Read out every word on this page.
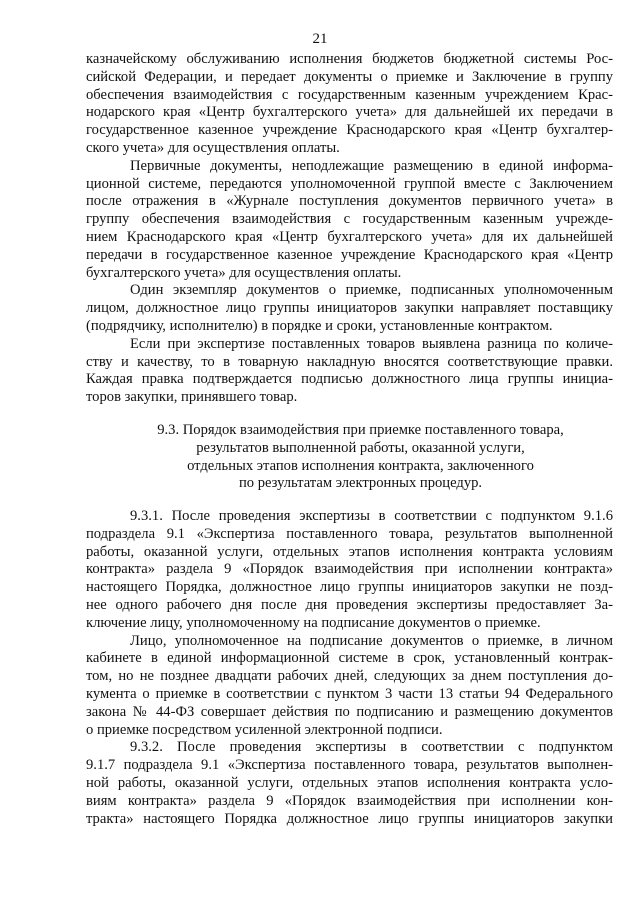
21
казначейскому обслуживанию исполнения бюджетов бюджетной системы Рос-
сийской Федерации, и передает документы о приемке и Заключение в группу
обеспечения взаимодействия с государственным казенным учреждением Крас-
нодарского края «Центр бухгалтерского учета» для дальнейшей их передачи в
государственное казенное учреждение Краснодарского края «Центр бухгалтер-
ского учета» для осуществления оплаты.
Первичные документы, неподлежащие размещению в единой информа-
ционной системе, передаются уполномоченной группой вместе с Заключением
после отражения в «Журнале поступления документов первичного учета» в
группу обеспечения взаимодействия с государственным казенным учрежде-
нием Краснодарского края «Центр бухгалтерского учета» для их дальнейшей
передачи в государственное казенное учреждение Краснодарского края «Центр
бухгалтерского учета» для осуществления оплаты.
Один экземпляр документов о приемке, подписанных уполномоченным
лицом, должностное лицо группы инициаторов закупки направляет поставщику
(подрядчику, исполнителю) в порядке и сроки, установленные контрактом.
Если при экспертизе поставленных товаров выявлена разница по количе-
ству и качеству, то в товарную накладную вносятся соответствующие правки.
Каждая правка подтверждается подписью должностного лица группы инициа-
торов закупки, принявшего товар.
9.3. Порядок взаимодействия при приемке поставленного товара,
результатов выполненной работы, оказанной услуги,
отдельных этапов исполнения контракта, заключенного
по результатам электронных процедур.
9.3.1. После проведения экспертизы в соответствии с подпунктом 9.1.6
подраздела 9.1 «Экспертиза поставленного товара, результатов выполненной
работы, оказанной услуги, отдельных этапов исполнения контракта условиям
контракта» раздела 9 «Порядок взаимодействия при исполнении контракта»
настоящего Порядка, должностное лицо группы инициаторов закупки не позд-
нее одного рабочего дня после дня проведения экспертизы предоставляет За-
ключение лицу, уполномоченному на подписание документов о приемке.
Лицо, уполномоченное на подписание документов о приемке, в личном
кабинете в единой информационной системе в срок, установленный контрак-
том, но не позднее двадцати рабочих дней, следующих за днем поступления до-
кумента о приемке в соответствии с пунктом 3 части 13 статьи 94 Федерального
закона № 44-ФЗ совершает действия по подписанию и размещению документов
о приемке посредством усиленной электронной подписи.
9.3.2. После проведения экспертизы в соответствии с подпунктом
9.1.7 подраздела 9.1 «Экспертиза поставленного товара, результатов выполнен-
ной работы, оказанной услуги, отдельных этапов исполнения контракта усло-
виям контракта» раздела 9 «Порядок взаимодействия при исполнении кон-
тракта» настоящего Порядка должностное лицо группы инициаторов закупки
